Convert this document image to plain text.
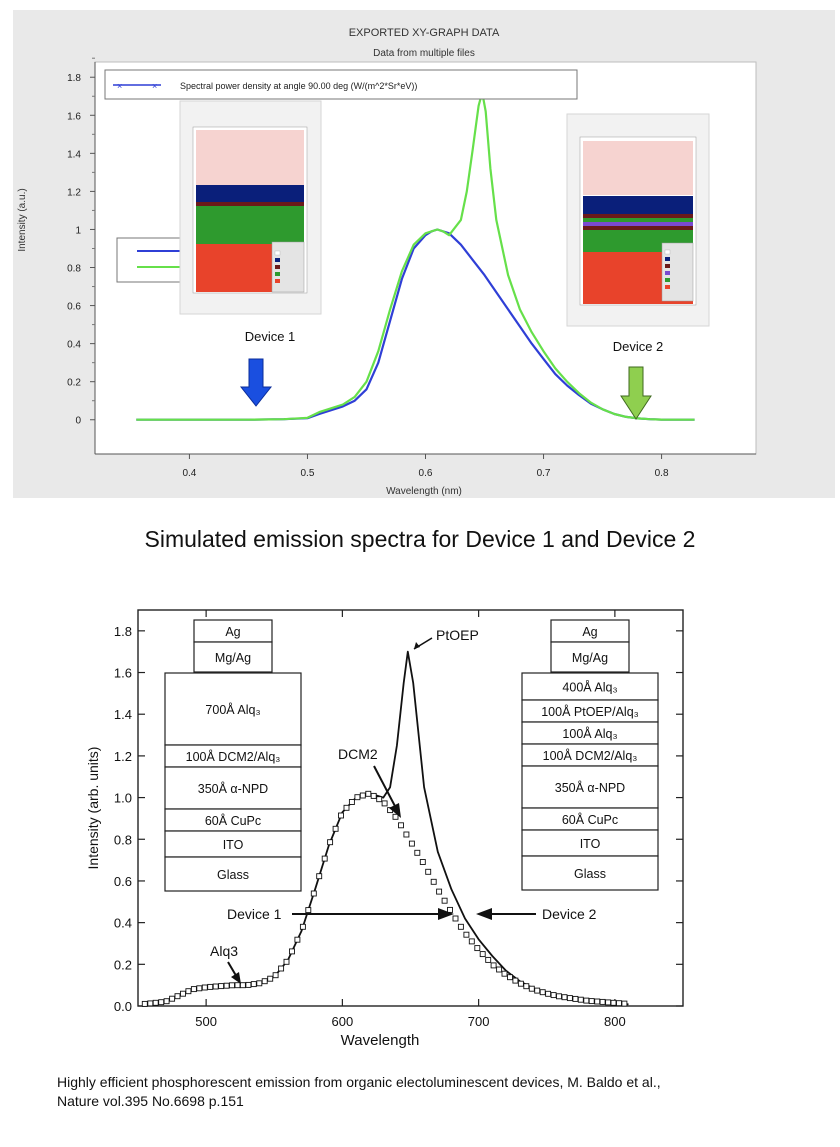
EXPORTED XY-GRAPH DATA
Data from multiple files
0
0.2
0.4
0.6
0.8
1
1.2
1.4
1.6
1.8
0.4	0.5	0.6	0.7	0.8
Wavelength (nm)
Intensity (a.u.)
×	×	Spectral power density at angle 90.00 deg (W/(m^2*Sr*eV))
Device 1
Device 2
Simulated emission spectra for Device 1 and Device 2
0.0
0.2
0.4
0.6
0.8
1.0
1.2
1.4
1.6
1.8
500	600	700	800
Wavelength
Intensity (arb. units)
Ag
Mg/Ag
700Å Alq₃
100Å DCM2/Alq₃
350Å α-NPD
60Å CuPc
ITO
Glass
Ag
Mg/Ag
400Å Alq₃
100Å PtOEP/Alq₃
100Å Alq₃
100Å DCM2/Alq₃
350Å α-NPD
60Å CuPc
ITO
Glass
PtOEP
DCM2
Alq3
Device 1	Device 2
Highly efficient phosphorescent emission from organic electoluminescent devices, M. Baldo et al.,
Nature vol.395 No.6698 p.151
